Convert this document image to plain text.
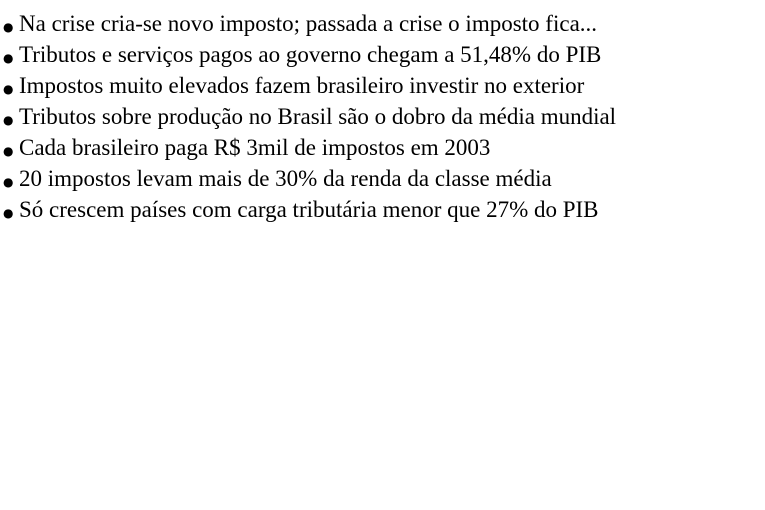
● Na crise cria-se novo imposto; passada a crise o imposto fica...
● Tributos e serviços pagos ao governo chegam a 51,48% do PIB
● Impostos muito elevados fazem brasileiro investir no exterior
● Tributos sobre produção no Brasil são o dobro da média mundial
● Cada brasileiro paga R$ 3mil de impostos em 2003
● 20 impostos levam mais de 30% da renda da classe média
● Só crescem países com carga tributária menor que 27% do PIB
